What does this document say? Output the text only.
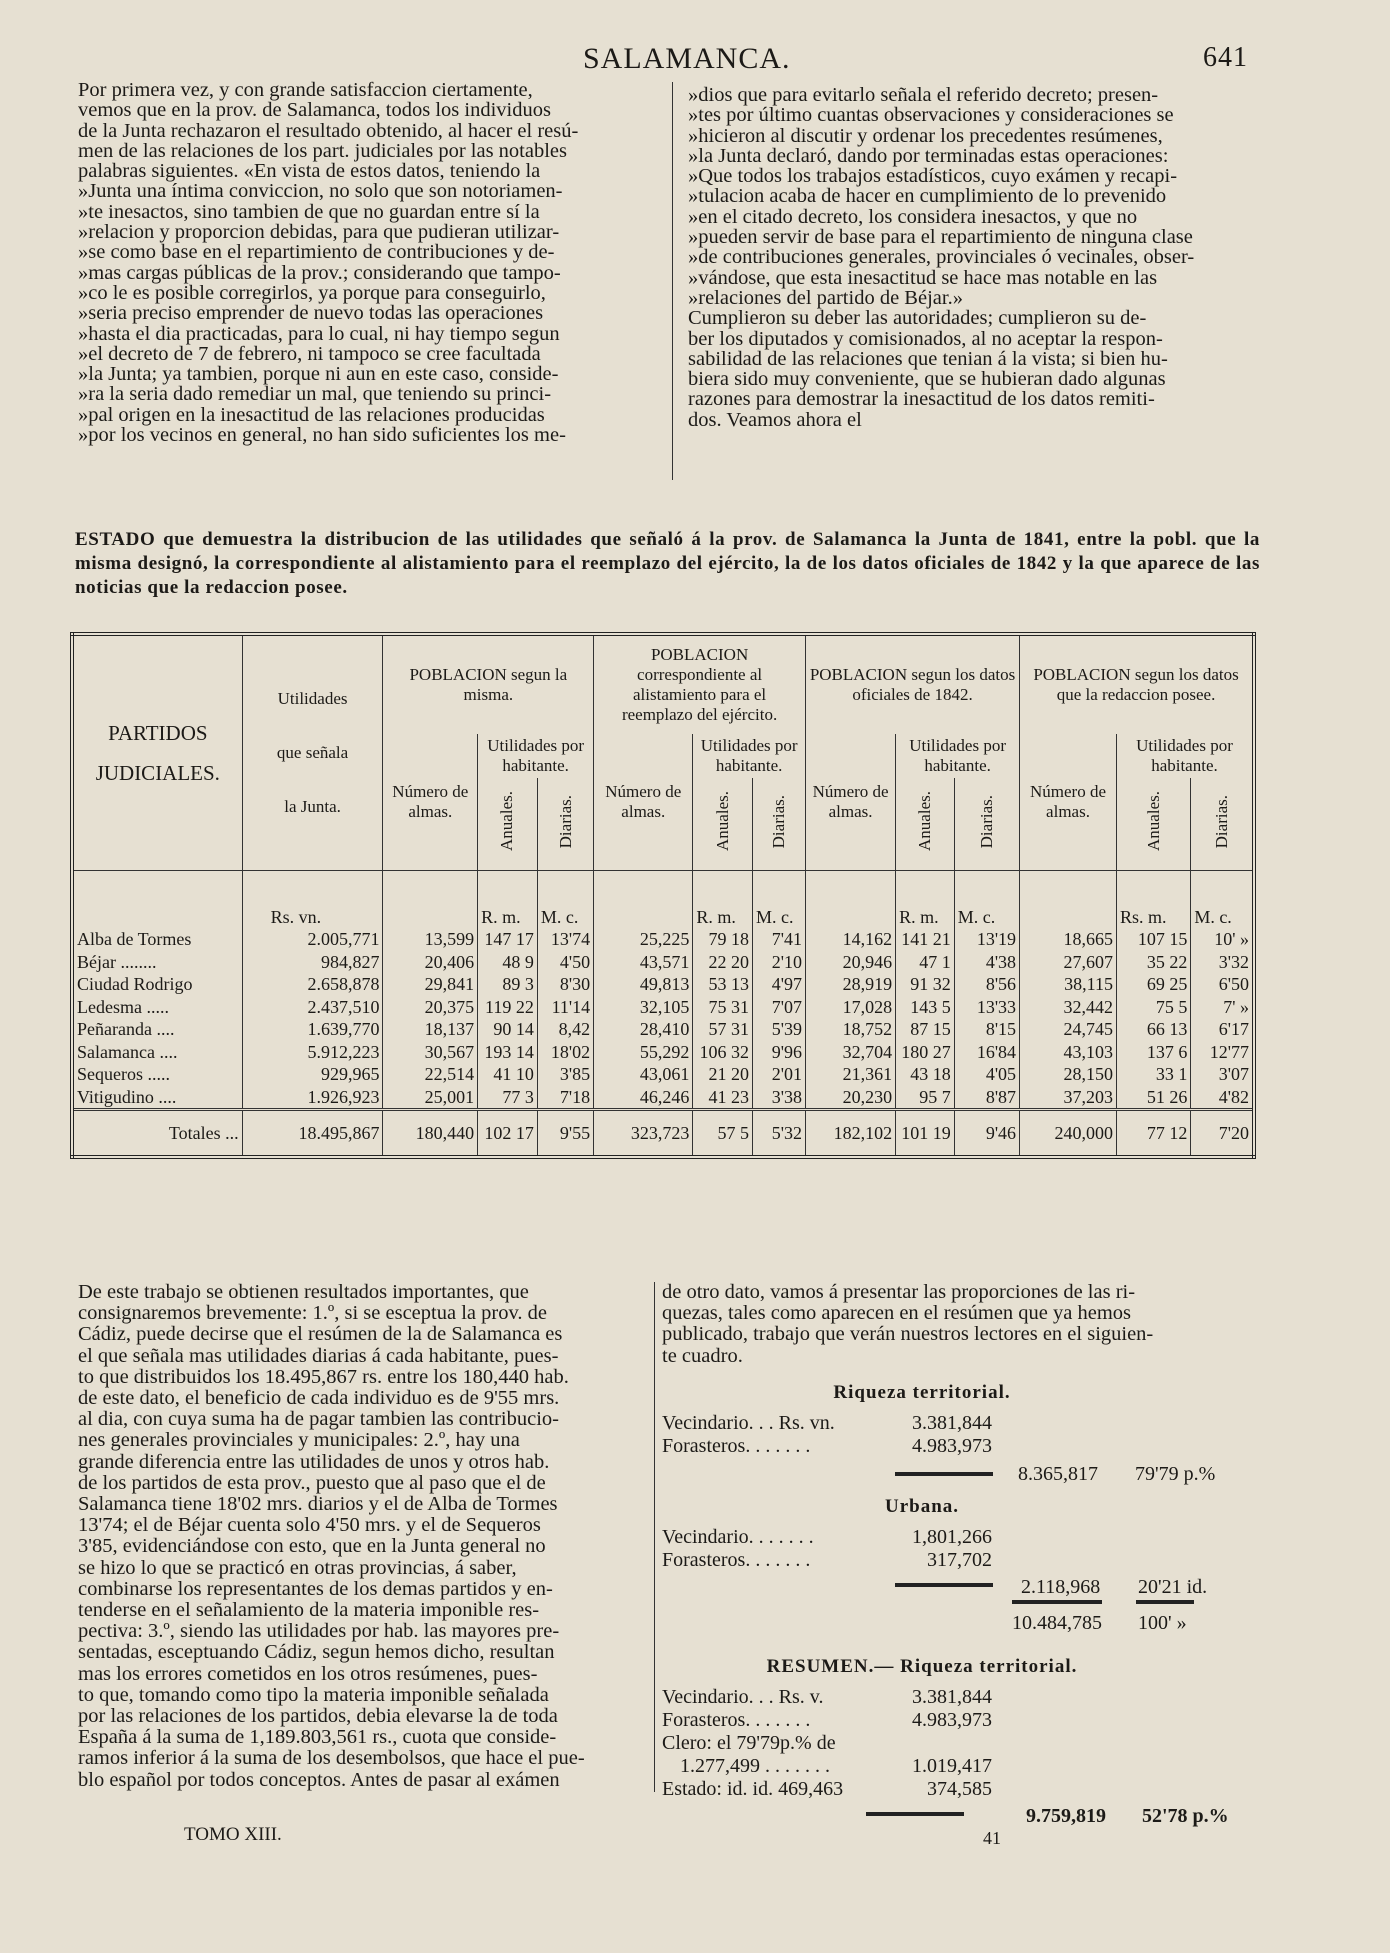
SALAMANCA.	641

Por primera vez, y con grande satisfaccion ciertamente,

vemos que en la prov. de Salamanca, todos los individuos

de la Junta rechazaron el resultado obtenido, al hacer el resú-

men de las relaciones de los part. judiciales por las notables

palabras siguientes. «En vista de estos datos, teniendo la

»Junta una íntima conviccion, no solo que son notoriamen-

»te inesactos, sino tambien de que no guardan entre sí la

»relacion y proporcion debidas, para que pudieran utilizar-

»se como base en el repartimiento de contribuciones y de-

»mas cargas públicas de la prov.; considerando que tampo-

»co le es posible corregirlos, ya porque para conseguirlo,

»seria preciso emprender de nuevo todas las operaciones

»hasta el dia practicadas, para lo cual, ni hay tiempo segun

»el decreto de 7 de febrero, ni tampoco se cree facultada

»la Junta; ya tambien, porque ni aun en este caso, conside-

»ra la seria dado remediar un mal, que teniendo su princi-

»pal origen en la inesactitud de las relaciones producidas

»por los vecinos en general, no han sido suficientes los me-

»dios que para evitarlo señala el referido decreto; presen-

»tes por último cuantas observaciones y consideraciones se

»hicieron al discutir y ordenar los precedentes resúmenes,

»la Junta declaró, dando por terminadas estas operaciones:

»Que todos los trabajos estadísticos, cuyo exámen y recapi-

»tulacion acaba de hacer en cumplimiento de lo prevenido

»en el citado decreto, los considera inesactos, y que no

»pueden servir de base para el repartimiento de ninguna clase

»de contribuciones generales, provinciales ó vecinales, obser-

»vándose, que esta inesactitud se hace mas notable en las

»relaciones del partido de Béjar.»

Cumplieron su deber las autoridades; cumplieron su de-

ber los diputados y comisionados, al no aceptar la respon-

sabilidad de las relaciones que tenian á la vista; si bien hu-

biera sido muy conveniente, que se hubieran dado algunas

razones para demostrar la inesactitud de los datos remiti-

dos. Veamos ahora el

ESTADO que demuestra la distribucion de las utilidades que señaló á la prov. de Salamanca la Junta de 1841, entre la pobl. que la misma designó, la correspondiente al alistamiento para el reemplazo del ejército, la de los datos oficiales de 1842 y la que aparece de las noticias que la redaccion posee.
PARTIDOS JUDICIALES.	Utilidades
que señala
la Junta.	POBLACION segun la misma.			POBLACION correspondiente al alistamiento para el reemplazo del ejército.			POBLACION segun los datos oficiales de 1842.			POBLACION segun los datos que la redaccion posee.		
		Número de almas.	Utilidades por habitante.		Número de almas.	Utilidades por habitante.		Número de almas.	Utilidades por habitante.		Número de almas.	Utilidades por habitante.	
			Anuales.	Diarias.		Anuales.	Diarias.		Anuales.	Diarias.		Anuales.	Diarias.
	Rs. vn.		R. m.	M. c.		R. m.	M. c.		R. m.	M. c.		Rs. m.	M. c.
Alba de Tormes	2.005,771	13,599	147 17	13'74	25,225	79 18	7'41	14,162	141 21	13'19	18,665	107 15	10' »
Béjar ........	984,827	20,406	48 9	4'50	43,571	22 20	2'10	20,946	47 1	4'38	27,607	35 22	3'32
Ciudad Rodrigo	2.658,878	29,841	89 3	8'30	49,813	53 13	4'97	28,919	91 32	8'56	38,115	69 25	6'50
Ledesma .....	2.437,510	20,375	119 22	11'14	32,105	75 31	7'07	17,028	143 5	13'33	32,442	75 5	7' »
Peñaranda ....	1.639,770	18,137	90 14	8,42	28,410	57 31	5'39	18,752	87 15	8'15	24,745	66 13	6'17
Salamanca ....	5.912,223	30,567	193 14	18'02	55,292	106 32	9'96	32,704	180 27	16'84	43,103	137 6	12'77
Sequeros .....	929,965	22,514	41 10	3'85	43,061	21 20	2'01	21,361	43 18	4'05	28,150	33 1	3'07
Vitigudino ....	1.926,923	25,001	77 3	7'18	46,246	41 23	3'38	20,230	95 7	8'87	37,203	51 26	4'82
Totales ...	18.495,867	180,440	102 17	9'55	323,723	57 5	5'32	182,102	101 19	9'46	240,000	77 12	7'20

De este trabajo se obtienen resultados importantes, que

consignaremos brevemente: 1.º, si se esceptua la prov. de

Cádiz, puede decirse que el resúmen de la de Salamanca es

el que señala mas utilidades diarias á cada habitante, pues-

to que distribuidos los 18.495,867 rs. entre los 180,440 hab.

de este dato, el beneficio de cada individuo es de 9'55 mrs.

al dia, con cuya suma ha de pagar tambien las contribucio-

nes generales provinciales y municipales: 2.º, hay una

grande diferencia entre las utilidades de unos y otros hab.

de los partidos de esta prov., puesto que al paso que el de

Salamanca tiene 18'02 mrs. diarios y el de Alba de Tormes

13'74; el de Béjar cuenta solo 4'50 mrs. y el de Sequeros

3'85, evidenciándose con esto, que en la Junta general no

se hizo lo que se practicó en otras provincias, á saber,

combinarse los representantes de los demas partidos y en-

tenderse en el señalamiento de la materia imponible res-

pectiva: 3.º, siendo las utilidades por hab. las mayores pre-

sentadas, esceptuando Cádiz, segun hemos dicho, resultan

mas los errores cometidos en los otros resúmenes, pues-

to que, tomando como tipo la materia imponible señalada

por las relaciones de los partidos, debia elevarse la de toda

España á la suma de 1,189.803,561 rs., cuota que conside-

ramos inferior á la suma de los desembolsos, que hace el pue-

blo español por todos conceptos. Antes de pasar al exámen

TOMO XIII.

de otro dato, vamos á presentar las proporciones de las ri-

quezas, tales como aparecen en el resúmen que ya hemos

publicado, trabajo que verán nuestros lectores en el siguien-

te cuadro.

Riqueza territorial.
Vecindario. . . Rs. vn.	3.381,844
Forasteros. . . . . . .	4.983,973
8.365,817 79'79 p.%
Urbana.
Vecindario. . . . . . .	1,801,266
Forasteros. . . . . . .	317,702
2.118,968 20'21 id.
10.484,785 100' »
RESUMEN.— Riqueza territorial.
Vecindario. . . Rs. v.	3.381,844
Forasteros. . . . . . .	4.983,973
Clero: el 79'79p.% de
1.277,499 . . . . . . .	1.019,417
Estado: id. id. 469,463	374,585
9.759,819 52'78 p.%
41
